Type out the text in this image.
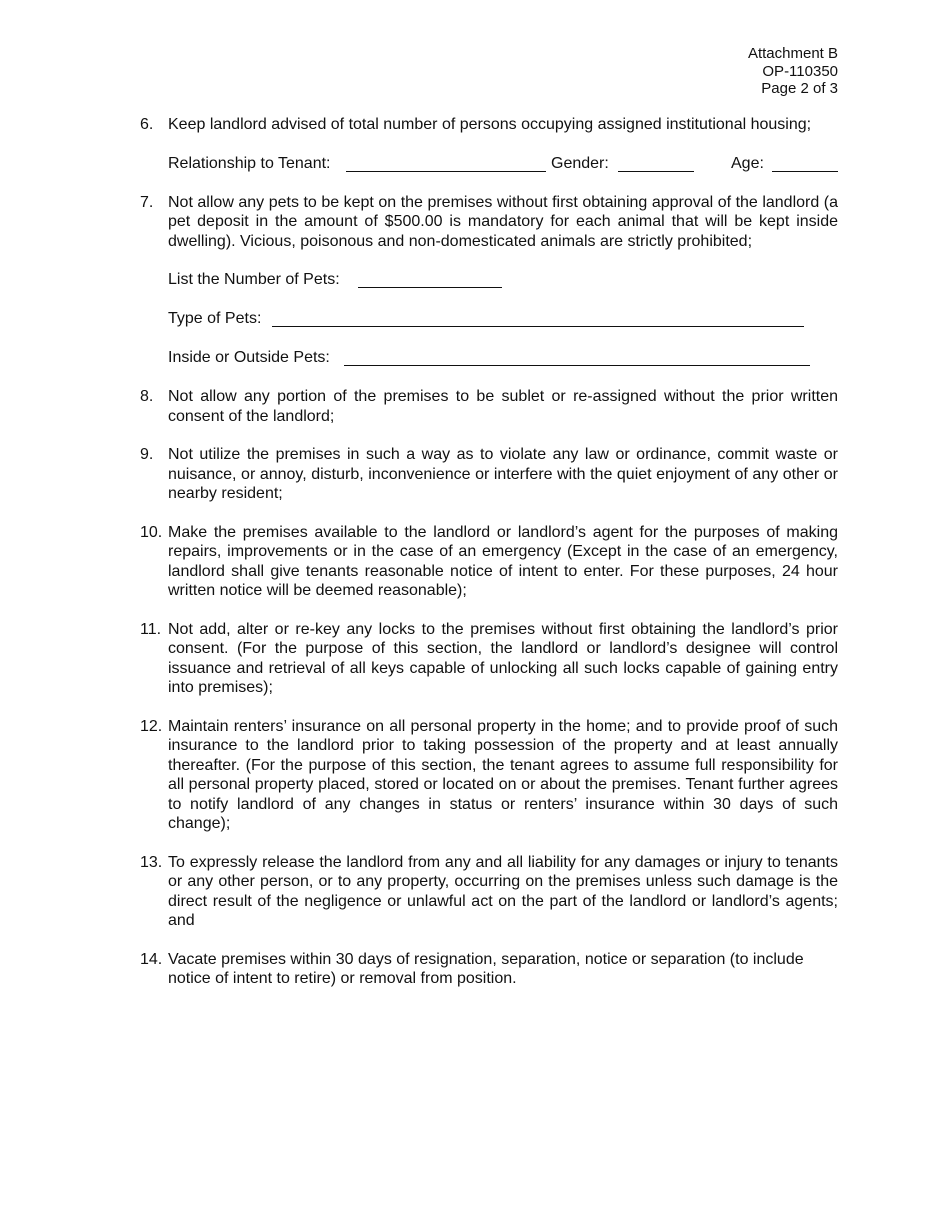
Attachment B
OP-110350
Page 2 of 3
6. Keep landlord advised of total number of persons occupying assigned institutional housing;
Relationship to Tenant:	Gender:	Age:
7. Not allow any pets to be kept on the premises without first obtaining approval of the landlord (a pet deposit in the amount of $500.00 is mandatory for each animal that will be kept inside dwelling). Vicious, poisonous and non-domesticated animals are strictly prohibited;
List the Number of Pets:
Type of Pets:
Inside or Outside Pets:
8. Not allow any portion of the premises to be sublet or re-assigned without the prior written consent of the landlord;
9. Not utilize the premises in such a way as to violate any law or ordinance, commit waste or nuisance, or annoy, disturb, inconvenience or interfere with the quiet enjoyment of any other or nearby resident;
10. Make the premises available to the landlord or landlord’s agent for the purposes of making repairs, improvements or in the case of an emergency (Except in the case of an emergency, landlord shall give tenants reasonable notice of intent to enter. For these purposes, 24 hour written notice will be deemed reasonable);
11. Not add, alter or re-key any locks to the premises without first obtaining the landlord’s prior consent. (For the purpose of this section, the landlord or landlord’s designee will control issuance and retrieval of all keys capable of unlocking all such locks capable of gaining entry into premises);
12. Maintain renters’ insurance on all personal property in the home; and to provide proof of such insurance to the landlord prior to taking possession of the property and at least annually thereafter. (For the purpose of this section, the tenant agrees to assume full responsibility for all personal property placed, stored or located on or about the premises. Tenant further agrees to notify landlord of any changes in status or renters’ insurance within 30 days of such change);
13. To expressly release the landlord from any and all liability for any damages or injury to tenants or any other person, or to any property, occurring on the premises unless such damage is the direct result of the negligence or unlawful act on the part of the landlord or landlord’s agents; and
14. Vacate premises within 30 days of resignation, separation, notice or separation (to include notice of intent to retire) or removal from position.
